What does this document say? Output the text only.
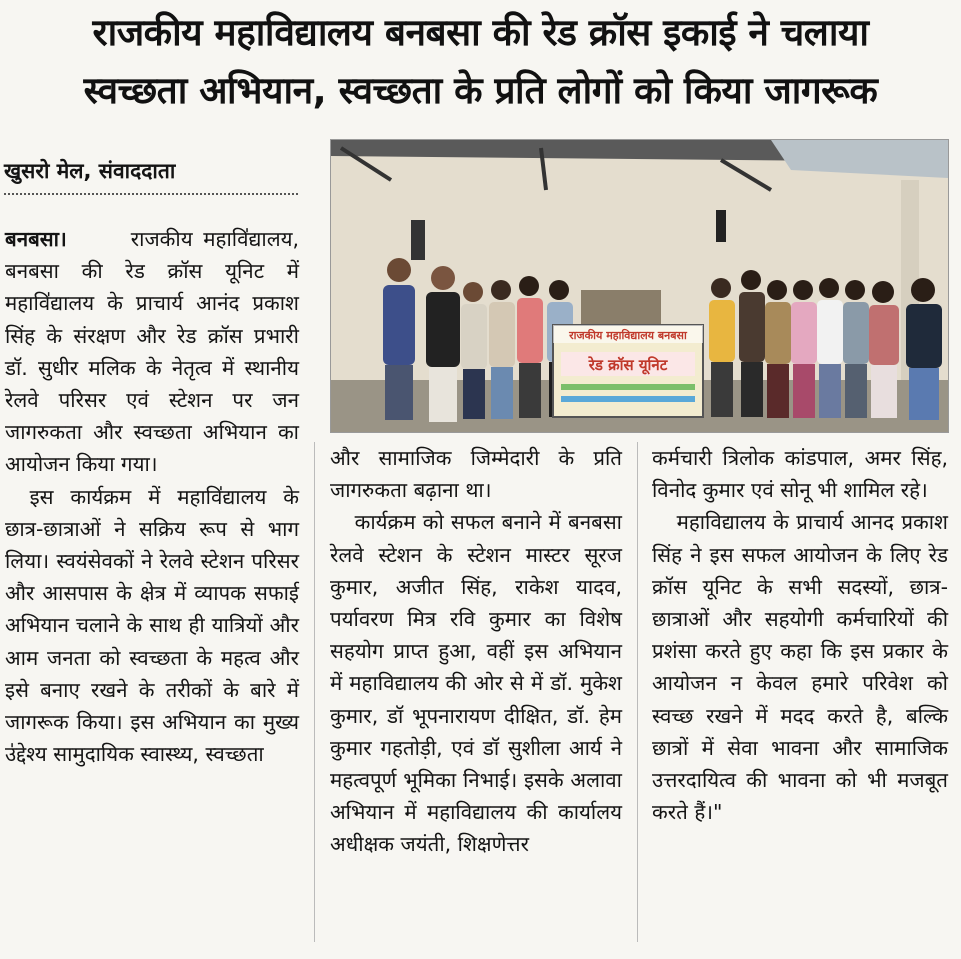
राजकीय महाविद्यालय बनबसा की रेड क्रॉस इकाई ने चलाया
स्वच्छता अभियान, स्वच्छता के प्रति लोगों को किया जागरूक
खुसरो मेल, संवाददाता

बनबसा।	राजकीय महावि॑द्यालय, बनबसा की रेड क्रॉस यूनिट में महावि॑द्यालय के प्राचार्य आनंद प्रकाश सिंह के संरक्षण और रेड क्रॉस प्रभारी डॉ. सुधीर मलिक के नेतृत्व में स्थानीय रेलवे परिसर एवं स्टेशन पर जन जागरुकता और स्वच्छता अभियान का आयोजन किया गया।

इस कार्यक्रम में महावि॑द्यालय के छात्र-छात्राओं ने सक्रिय रूप से भाग लिया। स्वयंसेवकों ने रेलवे स्टेशन परिसर और आसपास के क्षेत्र में व्यापक सफाई अभियान चलाने के साथ ही यात्रियों और आम जनता को स्वच्छता के महत्व और इसे बनाए रखने के तरीकों के बारे में जागरूक किया। इस अभियान का मुख्य उ॑द्देश्य सामुदायिक स्वास्थ्य, स्वच्छता

राजकीय महाविद्यालय बनबसा
रेड क्रॉस यूनिट

और सामाजिक जिम्मेदारी के प्रति जागरुकता बढ़ाना था।

कार्यक्रम को सफल बनाने में बनबसा रेलवे स्टेशन के स्टेशन मास्टर सूरज कुमार, अजीत सिंह, राकेश यादव, पर्यावरण मित्र रवि कुमार का विशेष सहयोग प्राप्त हुआ, वहीं इस अभियान में महाविद्यालय की ओर से में डॉ. मुकेश कुमार, डॉ भूपनारायण दीक्षित, डॉ. हेम कुमार गहतोड़ी, एवं डॉ सुशीला आर्य ने महत्वपूर्ण भूमिका निभाई। इसके अलावा अभियान में महाविद्यालय की कार्यालय अधीक्षक जयंती, शिक्षणेत्तर

कर्मचारी त्रिलोक कांडपाल, अमर सिंह, विनोद कुमार एवं सोनू भी शामिल रहे।

महाविद्यालय के प्राचार्य आनद प्रकाश सिंह ने इस सफल आयोजन के लिए रेड क्रॉस यूनिट के सभी सदस्यों, छात्र-छात्राओं और सहयोगी कर्मचारियों की प्रशंसा करते हुए कहा कि इस प्रकार के आयोजन न केवल हमारे परिवेश को स्वच्छ रखने में मदद करते है, बल्कि छात्रों में सेवा भावना और सामाजिक उत्तरदायित्व की भावना को भी मजबूत करते हैं।"
